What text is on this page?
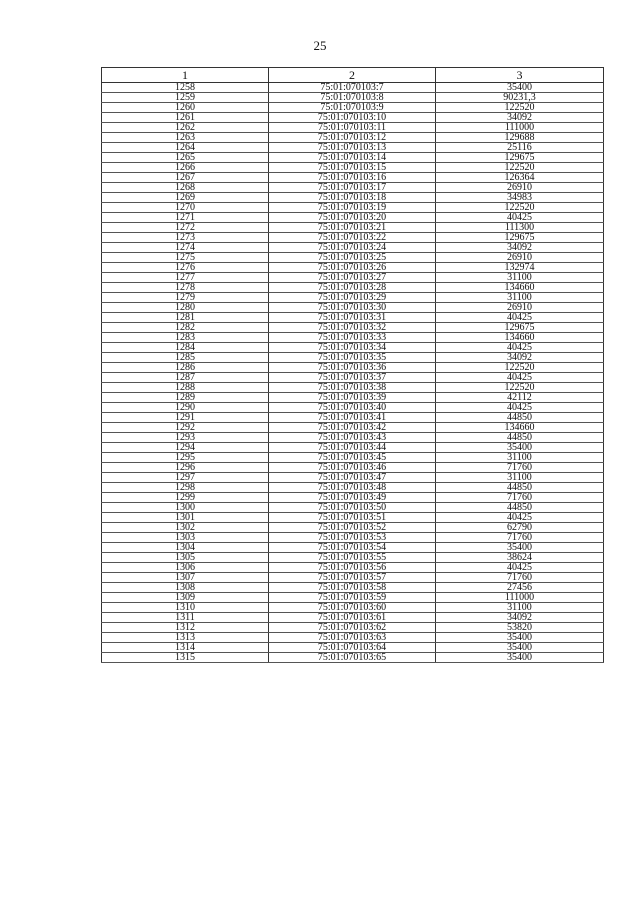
25
1	2	3
1258	75:01:070103:7	35400
1259	75:01:070103:8	90231,3
1260	75:01:070103:9	122520
1261	75:01:070103:10	34092
1262	75:01:070103:11	111000
1263	75:01:070103:12	129688
1264	75:01:070103:13	25116
1265	75:01:070103:14	129675
1266	75:01:070103:15	122520
1267	75:01:070103:16	126364
1268	75:01:070103:17	26910
1269	75:01:070103:18	34983
1270	75:01:070103:19	122520
1271	75:01:070103:20	40425
1272	75:01:070103:21	111300
1273	75:01:070103:22	129675
1274	75:01:070103:24	34092
1275	75:01:070103:25	26910
1276	75:01:070103:26	132974
1277	75:01:070103:27	31100
1278	75:01:070103:28	134660
1279	75:01:070103:29	31100
1280	75:01:070103:30	26910
1281	75:01:070103:31	40425
1282	75:01:070103:32	129675
1283	75:01:070103:33	134660
1284	75:01:070103:34	40425
1285	75:01:070103:35	34092
1286	75:01:070103:36	122520
1287	75:01:070103:37	40425
1288	75:01:070103:38	122520
1289	75:01:070103:39	42112
1290	75:01:070103:40	40425
1291	75:01:070103:41	44850
1292	75:01:070103:42	134660
1293	75:01:070103:43	44850
1294	75:01:070103:44	35400
1295	75:01:070103:45	31100
1296	75:01:070103:46	71760
1297	75:01:070103:47	31100
1298	75:01:070103:48	44850
1299	75:01:070103:49	71760
1300	75:01:070103:50	44850
1301	75:01:070103:51	40425
1302	75:01:070103:52	62790
1303	75:01:070103:53	71760
1304	75:01:070103:54	35400
1305	75:01:070103:55	38624
1306	75:01:070103:56	40425
1307	75:01:070103:57	71760
1308	75:01:070103:58	27456
1309	75:01:070103:59	111000
1310	75:01:070103:60	31100
1311	75:01:070103:61	34092
1312	75:01:070103:62	53820
1313	75:01:070103:63	35400
1314	75:01:070103:64	35400
1315	75:01:070103:65	35400
